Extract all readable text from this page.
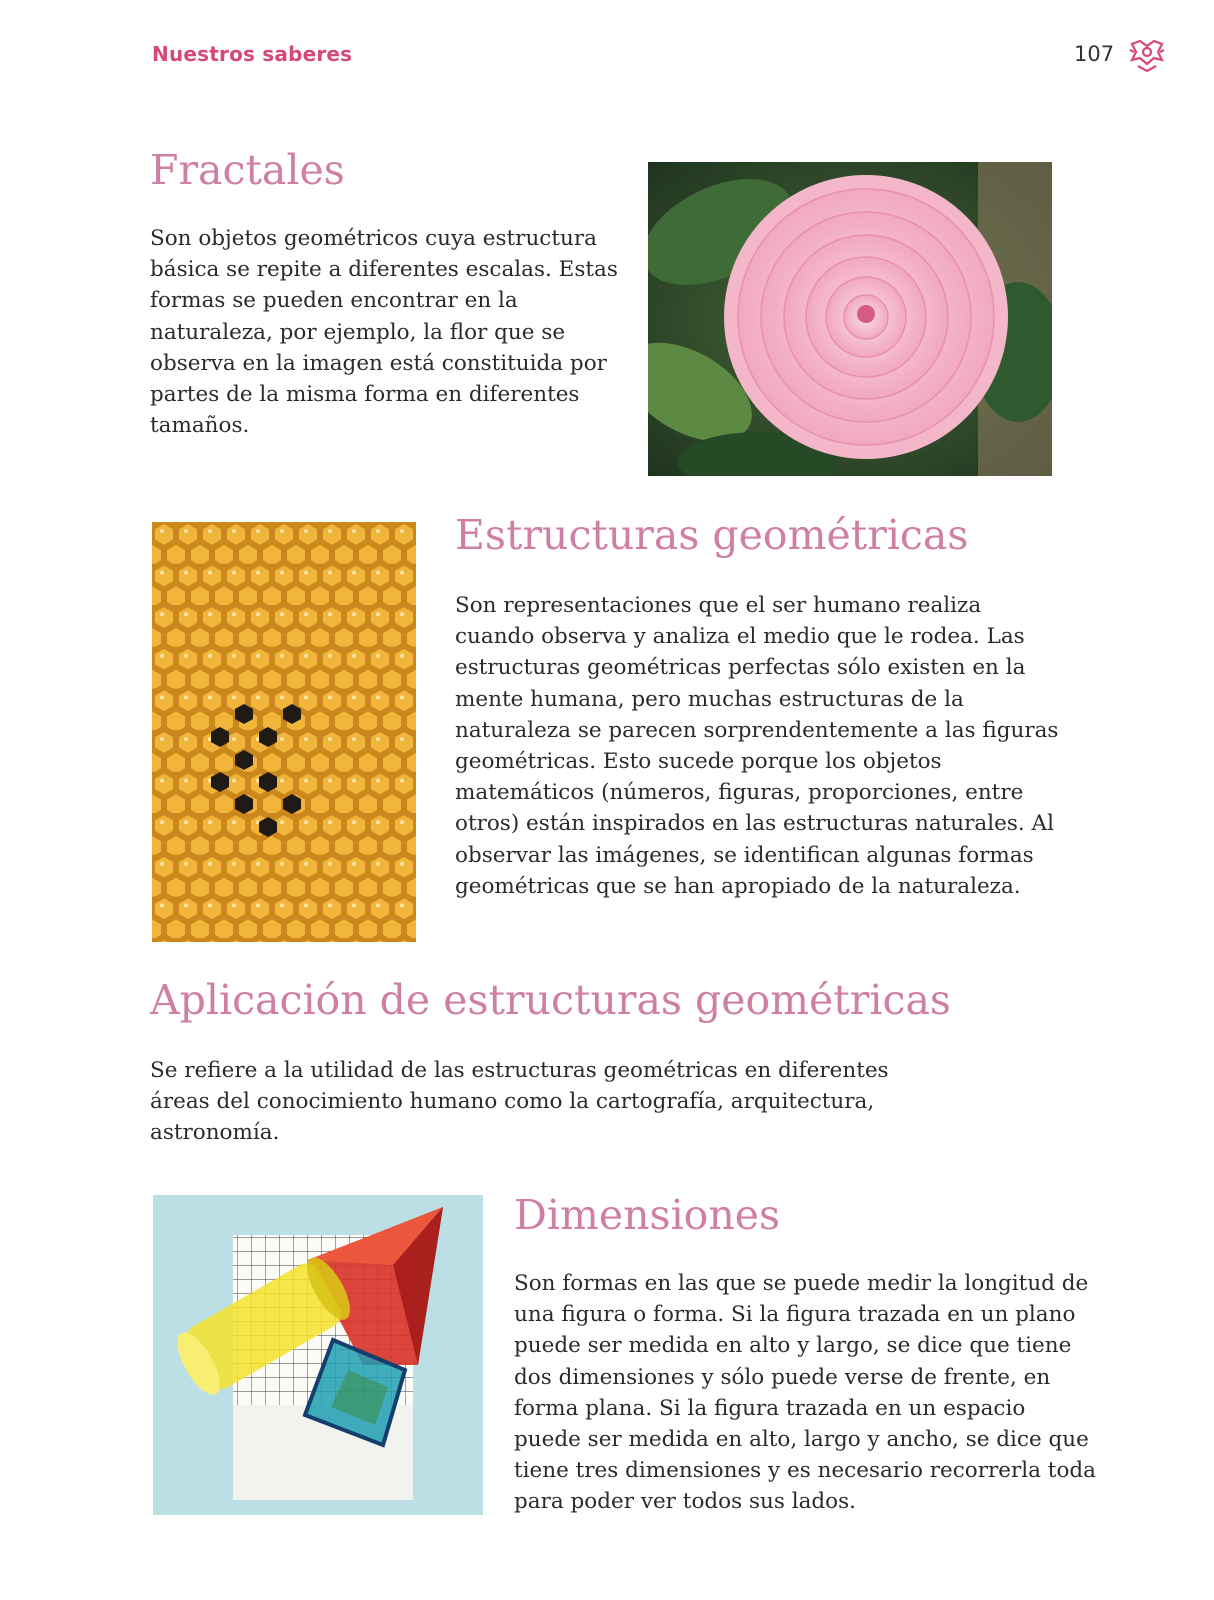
Nuestros saberes	107
Fractales

Son objetos geométricos cuya estructura básica se repite a diferentes escalas. Estas formas se pueden encontrar en la naturaleza, por ejemplo, la flor que se observa en la imagen está constituida por partes de la misma forma en diferentes tamaños.

Estructuras geométricas

Son representaciones que el ser humano realiza cuando observa y analiza el medio que le rodea. Las estructuras geométricas perfectas sólo existen en la mente humana, pero muchas estructuras de la naturaleza se parecen sorprendentemente a las figuras geométricas. Esto sucede porque los objetos matemáticos (números, figuras, proporciones, entre otros) están inspirados en las estructuras naturales. Al observar las imágenes, se identifican algunas formas geométricas que se han apropiado de la naturaleza.

Aplicación de estructuras geométricas

Se refiere a la utilidad de las estructuras geométricas en diferentes áreas del conocimiento humano como la cartografía, arquitectura, astronomía.

Dimensiones

Son formas en las que se puede medir la longitud de una figura o forma. Si la figura trazada en un plano puede ser medida en alto y largo, se dice que tiene dos dimensiones y sólo puede verse de frente, en forma plana. Si la figura trazada en un espacio puede ser medida en alto, largo y ancho, se dice que tiene tres dimensiones y es necesario recorrerla toda para poder ver todos sus lados.
